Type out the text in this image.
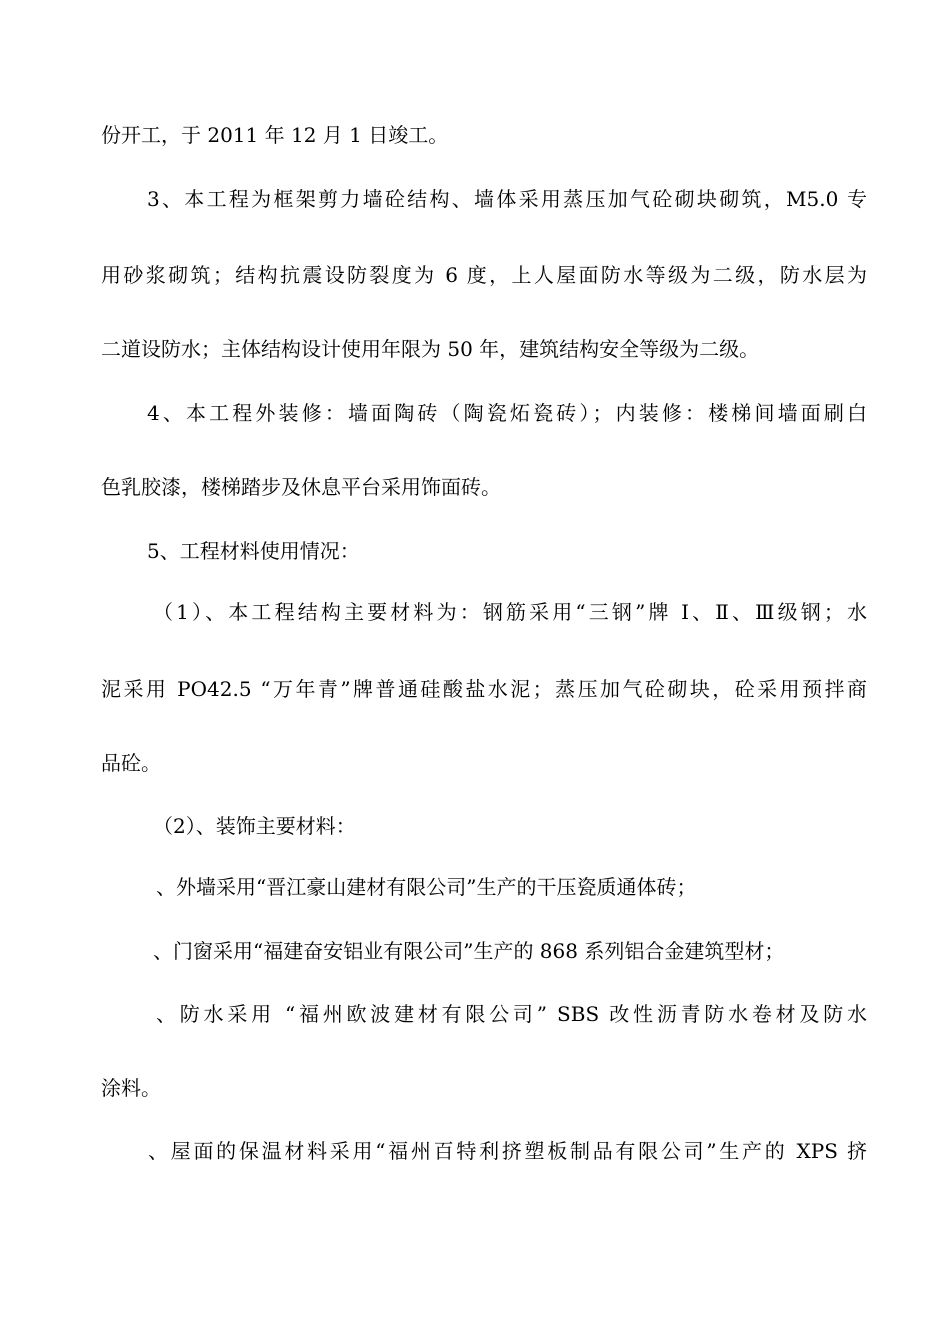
份开工，于 2011 年 12 月 1 日竣工。
3、本工程为框架剪力墙砼结构、墙体采用蒸压加气砼砌块砌筑，M5.0 专
用砂浆砌筑；结构抗震设防裂度为 6 度，上人屋面防水等级为二级，防水层为
二道设防水；主体结构设计使用年限为 50 年，建筑结构安全等级为二级。
4、本工程外装修：墙面陶砖（陶瓷炻瓷砖）；内装修：楼梯间墙面刷白
色乳胶漆，楼梯踏步及休息平台采用饰面砖。
5、工程材料使用情况：
（1）、本工程结构主要材料为：钢筋采用“三钢”牌 I、Ⅱ、Ⅲ级钢；水
泥采用 PO42.5 “万年青”牌普通硅酸盐水泥；蒸压加气砼砌块，砼采用预拌商
品砼。
（2）、装饰主要材料：
、外墙采用“晋江豪山建材有限公司”生产的干压瓷质通体砖；
、门窗采用“福建奋安铝业有限公司”生产的 868 系列铝合金建筑型材；
、防水采用 “福州欧波建材有限公司” SBS 改性沥青防水卷材及防水
涂料。
、屋面的保温材料采用“福州百特利挤塑板制品有限公司”生产的 XPS 挤
